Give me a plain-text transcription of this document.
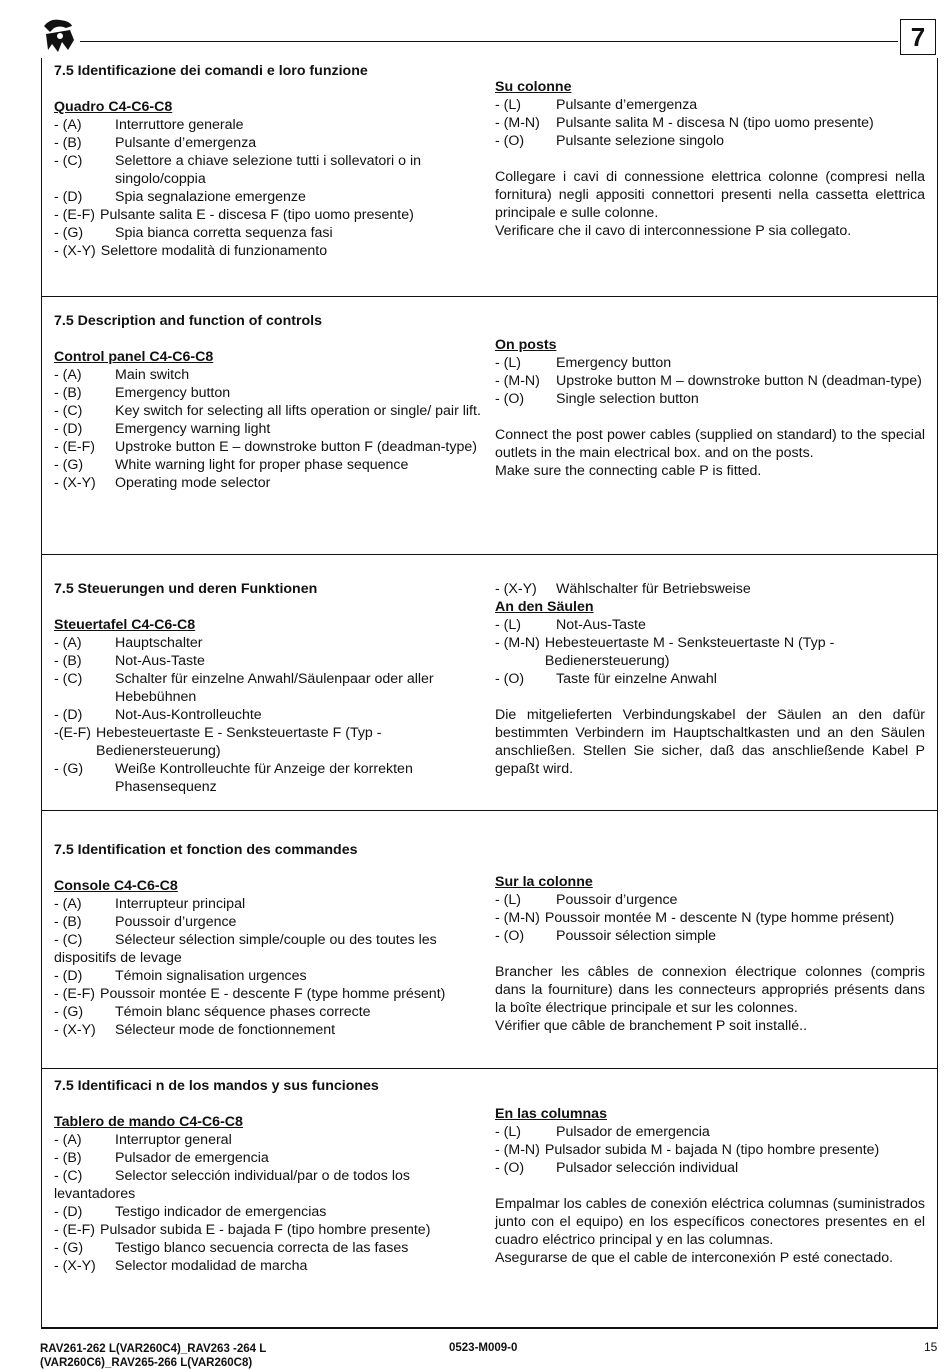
7
7.5 Identificazione dei comandi e loro funzione
Quadro C4-C6-C8
- (A)	Interruttore generale
- (B)	Pulsante d’emergenza
- (C)	Selettore a chiave selezione tutti i sollevatori o in singolo/coppia
- (D)	Spia segnalazione emergenze
- (E-F) Pulsante salita E - discesa F (tipo uomo presente)
- (G)	Spia bianca corretta sequenza fasi
- (X-Y) Selettore modalità di funzionamento
Su colonne
- (L)	Pulsante d’emergenza
- (M-N)	Pulsante salita M - discesa N (tipo uomo presente)
- (O)	Pulsante selezione singolo

Collegare i cavi di connessione elettrica colonne (compresi nella fornitura) negli appositi connettori presenti nella cassetta elettrica principale e sulle colonne.

Verificare che il cavo di interconnessione P sia collegato.

7.5 Description and function of controls
Control panel C4-C6-C8
- (A)	Main switch
- (B)	Emergency button
- (C) Key switch for selecting all lifts operation or single/ pair lift.
- (D)	Emergency warning light
- (E-F)	Upstroke button E – downstroke button F (deadman-type)
- (G)	White warning light for proper phase sequence
- (X-Y)	Operating mode selector
On posts
- (L)	Emergency button
- (M-N)	Upstroke button M – downstroke button N (deadman-type)
- (O)	Single selection button

Connect the post power cables (supplied on standard) to the special outlets in the main electrical box. and on the posts.

Make sure the connecting cable P is fitted.

7.5 Steuerungen und deren Funktionen
Steuertafel C4-C6-C8
- (A)	Hauptschalter
- (B)	Not-Aus-Taste
- (C)	Schalter für einzelne Anwahl/Säulenpaar oder aller Hebebühnen
- (D)	Not-Aus-Kontrolleuchte
-(E-F) Hebesteuertaste E - Senksteuertaste F (Typ - Bedienersteuerung)
- (G)	Weiße Kontrolleuchte für Anzeige der korrekten Phasensequenz
- (X-Y)	Wählschalter für Betriebsweise
An den Säulen
- (L)	Not-Aus-Taste
- (M-N) Hebesteuertaste M - Senksteuertaste N (Typ - Bedienersteuerung)
- (O)	Taste für einzelne Anwahl

Die mitgelieferten Verbindungskabel der Säulen an den dafür bestimmten Verbindern im Hauptschaltkasten und an den Säulen anschließen. Stellen Sie sicher, daß das anschließende Kabel P gepaßt wird.

7.5 Identification et fonction des commandes
Console C4-C6-C8
- (A)	Interrupteur principal
- (B)	Poussoir d’urgence
- (C) Sélecteur sélection simple/couple ou des toutes les dispositifs de levage
- (D)	Témoin signalisation urgences
- (E-F) Poussoir montée E - descente F (type homme présent)
- (G)	Témoin blanc séquence phases correcte
- (X-Y)	Sélecteur mode de fonctionnement
Sur la colonne
- (L)	Poussoir d’urgence
- (M-N) Poussoir montée M - descente N (type homme présent)
- (O)	Poussoir sélection simple

Brancher les câbles de connexion électrique colonnes (compris dans la fourniture) dans les connecteurs appropriés présents dans la boîte électrique principale et sur les colonnes.

Vérifier que câble de branchement P soit installé..

7.5 Identificaci n de los mandos y sus funciones
Tablero de mando C4-C6-C8
- (A)	Interruptor general
- (B)	Pulsador de emergencia
- (C) Selector selección individual/par o de todos los levantadores
- (D)	Testigo indicador de emergencias
- (E-F) Pulsador subida E - bajada F (tipo hombre presente)
- (G)	Testigo blanco secuencia correcta de las fases
- (X-Y)	Selector modalidad de marcha
En las columnas
- (L)	Pulsador de emergencia
- (M-N) Pulsador subida M - bajada N (tipo hombre presente)
- (O)	Pulsador selección individual

Empalmar los cables de conexión eléctrica columnas (suministrados junto con el equipo) en los específicos conectores presentes en el cuadro eléctrico principal y en las columnas.

Asegurarse de que el cable de interconexión P esté conectado.

RAV261-262 L(VAR260C4)_RAV263 -264 L (VAR260C6)_RAV265-266 L(VAR260C8)
0523-M009-0	15
